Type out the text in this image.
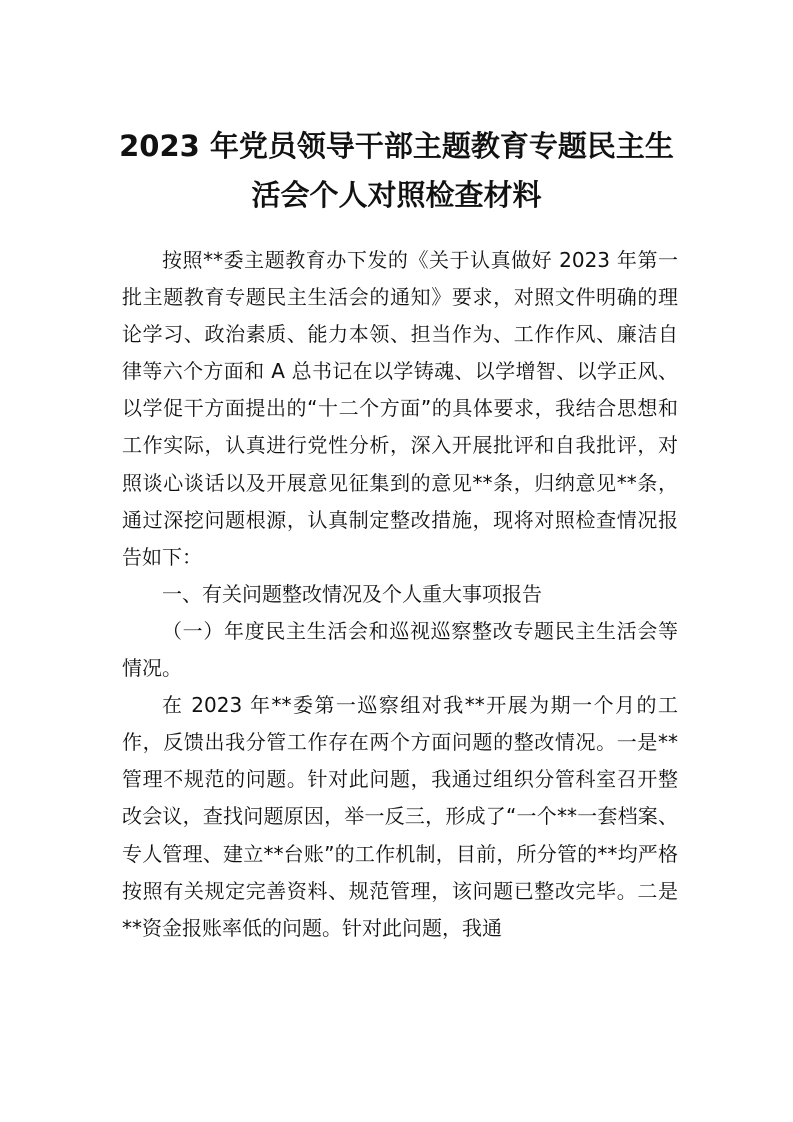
2023 年党员领导干部主题教育专题民主生
活会个人对照检查材料

按照**委主题教育办下发的《关于认真做好 2023 年第一批主题教育专题民主生活会的通知》要求，对照文件明确的理论学习、政治素质、能力本领、担当作为、工作作风、廉洁自律等六个方面和 A 总书记在以学铸魂、以学增智、以学正风、以学促干方面提出的“十二个方面”的具体要求，我结合思想和工作实际，认真进行党性分析，深入开展批评和自我批评，对照谈心谈话以及开展意见征集到的意见**条，归纳意见**条，通过深挖问题根源，认真制定整改措施，现将对照检查情况报告如下：

一、有关问题整改情况及个人重大事项报告

（一）年度民主生活会和巡视巡察整改专题民主生活会等情况。

在 2023 年**委第一巡察组对我**开展为期一个月的工作，反馈出我分管工作存在两个方面问题的整改情况。一是**管理不规范的问题。针对此问题，我通过组织分管科室召开整改会议，查找问题原因，举一反三，形成了“一个**一套档案、专人管理、建立**台账”的工作机制，目前，所分管的**均严格按照有关规定完善资料、规范管理，该问题已整改完毕。二是**资金报账率低的问题。针对此问题，我通
